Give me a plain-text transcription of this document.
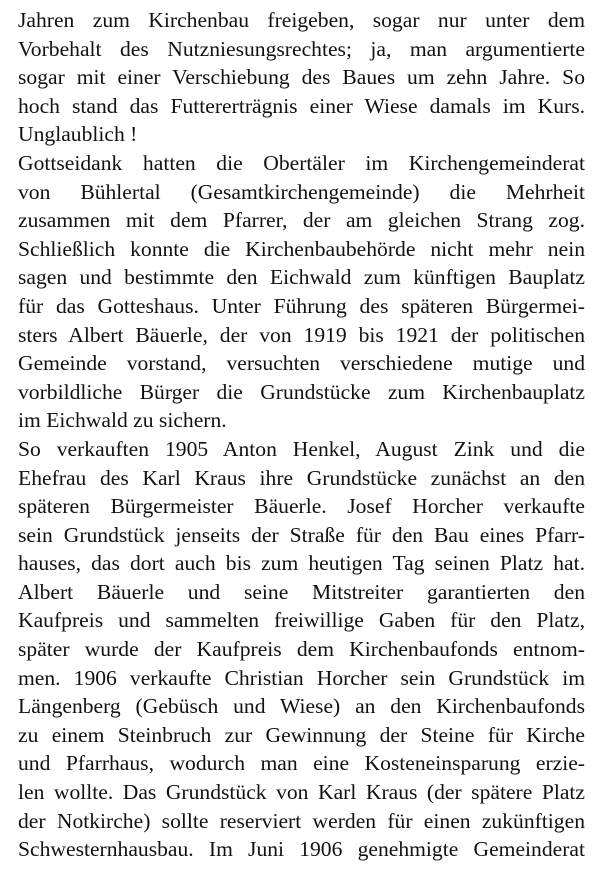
Jahren zum Kirchenbau freigeben, sogar nur unter dem
Vorbehalt des Nutzniesungsrechtes; ja, man argumentierte
sogar mit einer Verschiebung des Baues um zehn Jahre. So
hoch stand das Futtererträgnis einer Wiese damals im Kurs.
Unglaublich !
Gottseidank hatten die Obertäler im Kirchengemeinderat
von Bühlertal (Gesamtkirchengemeinde) die Mehrheit
zusammen mit dem Pfarrer, der am gleichen Strang zog.
Schließlich konnte die Kirchenbaubehörde nicht mehr nein
sagen und bestimmte den Eichwald zum künftigen Bauplatz
für das Gotteshaus. Unter Führung des späteren Bürgermei-
sters Albert Bäuerle, der von 1919 bis 1921 der politischen
Gemeinde vorstand, versuchten verschiedene mutige und
vorbildliche Bürger die Grundstücke zum Kirchenbauplatz
im Eichwald zu sichern.
So verkauften 1905 Anton Henkel, August Zink und die
Ehefrau des Karl Kraus ihre Grundstücke zunächst an den
späteren Bürgermeister Bäuerle. Josef Horcher verkaufte
sein Grundstück jenseits der Straße für den Bau eines Pfarr-
hauses, das dort auch bis zum heutigen Tag seinen Platz hat.
Albert Bäuerle und seine Mitstreiter garantierten den
Kaufpreis und sammelten freiwillige Gaben für den Platz,
später wurde der Kaufpreis dem Kirchenbaufonds entnom-
men. 1906 verkaufte Christian Horcher sein Grundstück im
Längenberg (Gebüsch und Wiese) an den Kirchenbaufonds
zu einem Steinbruch zur Gewinnung der Steine für Kirche
und Pfarrhaus, wodurch man eine Kosteneinsparung erzie-
len wollte. Das Grundstück von Karl Kraus (der spätere Platz
der Notkirche) sollte reserviert werden für einen zukünftigen
Schwesternhausbau. Im Juni 1906 genehmigte Gemeinderat
